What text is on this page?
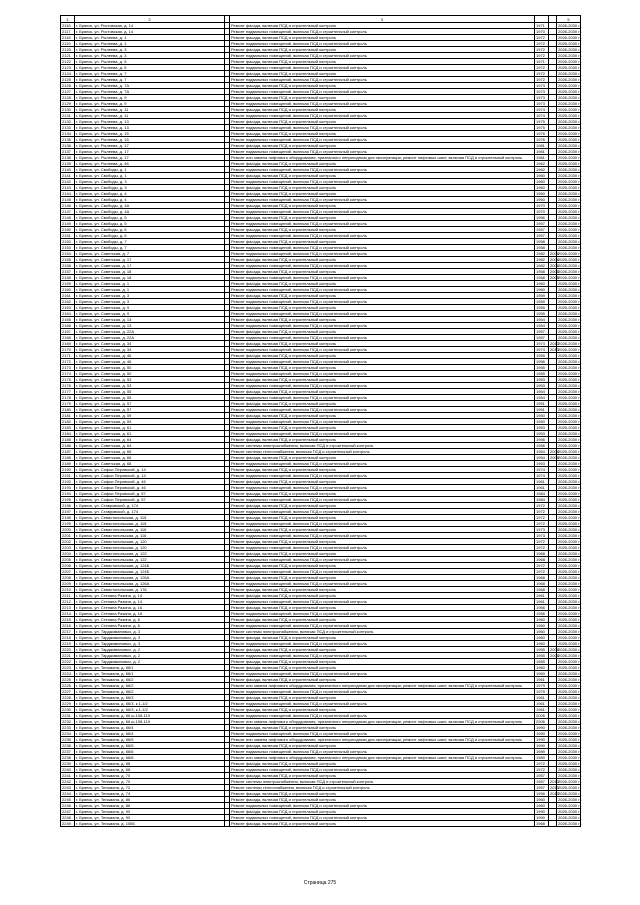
1	2		3			5
2116	г. Брянск, ул. Ростовская, д. 14		Ремонт фасада, включая ПСД и строительный контроль	1971		2026-2030 гг.
2117	г. Брянск, ул. Ростовская, д. 14		Ремонт подвальных помещений, включая ПСД и строительный контроль	1970		2026-2030 гг.
2118	г. Брянск, ул. Рылеева, д. 1		Ремонт фасада, включая ПСД и строительный контроль	1972		2026-2030 гг.
2119	г. Брянск, ул. Рылеева, д. 1		Ремонт подвальных помещений, включая ПСД и строительный контроль	1972		2026-2030 гг.
2120	г. Брянск, ул. Рылеева, д. 3		Ремонт фасада, включая ПСД и строительный контроль	1972		2026-2030 гг.
2121	г. Брянск, ул. Рылеева, д. 3		Ремонт подвальных помещений, включая ПСД и строительный контроль	1972		2026-2030 гг.
2122	г. Брянск, ул. Рылеева, д. 5		Ремонт фасада, включая ПСД и строительный контроль	1971		2026-2030 гг.
2123	г. Брянск, ул. Рылеева, д. 5		Ремонт подвальных помещений, включая ПСД и строительный контроль	1972		2026-2030 гг.
2124	г. Брянск, ул. Рылеева, д. 7		Ремонт фасада, включая ПСД и строительный контроль	1972		2026-2030 гг.
2125	г. Брянск, ул. Рылеева, д. 7		Ремонт подвальных помещений, включая ПСД и строительный контроль	1972		2026-2030 гг.
2126	г. Брянск, ул. Рылеева, д. 7А		Ремонт фасада, включая ПСД и строительный контроль	1973		2026-2030 гг.
2127	г. Брянск, ул. Рылеева, д. 7А		Ремонт подвальных помещений, включая ПСД и строительный контроль	1973		2026-2030 гг.
2128	г. Брянск, ул. Рылеева, д. 9		Ремонт фасада, включая ПСД и строительный контроль	1973		2026-2030 гг.
2129	г. Брянск, ул. Рылеева, д. 9		Ремонт подвальных помещений, включая ПСД и строительный контроль	1973		2026-2030 гг.
2130	г. Брянск, ул. Рылеева, д. 11		Ремонт фасада, включая ПСД и строительный контроль	1974		2026-2030 гг.
2131	г. Брянск, ул. Рылеева, д. 11		Ремонт подвальных помещений, включая ПСД и строительный контроль	1974		2026-2030 гг.
2132	г. Брянск, ул. Рылеева, д. 13		Ремонт фасада, включая ПСД и строительный контроль	1975		2026-2030 гг.
2133	г. Брянск, ул. Рылеева, д. 13		Ремонт подвальных помещений, включая ПСД и строительный контроль	1975		2026-2030 гг.
2134	г. Брянск, ул. Рылеева, д. 15		Ремонт фасада, включая ПСД и строительный контроль	1976		2026-2030 гг.
2135	г. Брянск, ул. Рылеева, д. 15		Ремонт подвальных помещений, включая ПСД и строительный контроль	1976		2026-2030 гг.
2136	г. Брянск, ул. Рылеева, д. 17		Ремонт фасада, включая ПСД и строительный контроль	1981		2026-2030 гг.
2137	г. Брянск, ул. Рылеева, д. 17		Ремонт подвальных помещений, включая ПСД и строительный контроль	1981		2026-2030 гг.
2138	г. Брянск, ул. Рылеева, д. 17		Ремонт или замена лифтового оборудования, признанного непригодным для эксплуатации, ремонт лифтовых шахт, включая ПСД и строительный контроль	1981		2026-2030 гг.
2139	г. Брянск, ул. Рылеева, д. 46		Ремонт фасада, включая ПСД и строительный контроль	1962		2026-2030 гг.
2140	г. Брянск, ул. Свободы, д. 1		Ремонт подвальных помещений, включая ПСД и строительный контроль	1962		2026-2030 гг.
2141	г. Брянск, ул. Свободы, д. 1		Ремонт фасада, включая ПСД и строительный контроль	1960		2026-2030 гг.
2142	г. Брянск, ул. Свободы, д. 3		Ремонт подвальных помещений, включая ПСД и строительный контроль	1960		2026-2030 гг.
2143	г. Брянск, ул. Свободы, д. 3		Ремонт фасада, включая ПСД и строительный контроль	1960		2026-2030 гг.
2144	г. Брянск, ул. Свободы, д. 4		Ремонт фасада, включая ПСД и строительный контроль	1960		2026-2030 гг.
2145	г. Брянск, ул. Свободы, д. 4		Ремонт подвальных помещений, включая ПСД и строительный контроль	1960		2026-2030 гг.
2146	г. Брянск, ул. Свободы, д. 4А		Ремонт фасада, включая ПСД и строительный контроль	1970		2026-2030 гг.
2147	г. Брянск, ул. Свободы, д. 4А		Ремонт подвальных помещений, включая ПСД и строительный контроль	1970		2026-2030 гг.
2148	г. Брянск, ул. Свободы, д. 5		Ремонт фасада, включая ПСД и строительный контроль	1956		2026-2030 гг.
2149	г. Брянск, ул. Свободы, д. 5		Ремонт подвальных помещений, включая ПСД и строительный контроль	1957		2026-2030 гг.
2150	г. Брянск, ул. Свободы, д. 6		Ремонт фасада, включая ПСД и строительный контроль	1957		2026-2030 гг.
2151	г. Брянск, ул. Свободы, д. 6		Ремонт подвальных помещений, включая ПСД и строительный контроль	1957		2026-2030 гг.
2152	г. Брянск, ул. Свободы, д. 7		Ремонт фасада, включая ПСД и строительный контроль	1958		2026-2030 гг.
2153	г. Брянск, ул. Свободы, д. 7		Ремонт подвальных помещений, включая ПСД и строительный контроль	1958		2026-2030 гг.
2154	г. Брянск, ул. Советская, д. 7		Ремонт подвальных помещений, включая ПСД и строительный контроль	1982	2006	2026-2030 гг.
2155	г. Брянск, ул. Советская, д. 17		Ремонт фасада, включая ПСД и строительный контроль	1982	2006	2026-2030 гг.
2156	г. Брянск, ул. Советская, д. 17		Ремонт подвальных помещений, включая ПСД и строительный контроль	1982	2006	2026-2030 гг.
2157	г. Брянск, ул. Советская, д. 18		Ремонт фасада, включая ПСД и строительный контроль	1958	2008	2026-2030 гг.
2158	г. Брянск, ул. Советская, д. 18		Ремонт подвальных помещений, включая ПСД и строительный контроль	1958	2008	2026-2030 гг.
2159	г. Брянск, ул. Советская, д. 1		Ремонт фасада, включая ПСД и строительный контроль	1960		2026-2030 гг.
2160	г. Брянск, ул. Советская, д. 1		Ремонт подвальных помещений, включая ПСД и строительный контроль	1960		2026-2030 гг.
2161	г. Брянск, ул. Советская, д. 3		Ремонт фасада, включая ПСД и строительный контроль	1959		2026-2030 гг.
2162	г. Брянск, ул. Советская, д. 3		Ремонт подвальных помещений, включая ПСД и строительный контроль	1959		2026-2030 гг.
2163	г. Брянск, ул. Советская, д. 9		Ремонт фасада, включая ПСД и строительный контроль	1955		2026-2030 гг.
2164	г. Брянск, ул. Советская, д. 9		Ремонт подвальных помещений, включая ПСД и строительный контроль	1955		2026-2030 гг.
2165	г. Брянск, ул. Советская, д. 13		Ремонт фасада, включая ПСД и строительный контроль	1954		2026-2030 гг.
2166	г. Брянск, ул. Советская, д. 13		Ремонт подвальных помещений, включая ПСД и строительный контроль	1954		2026-2030 гг.
2167	г. Брянск, ул. Советская, д. 22А		Ремонт фасада, включая ПСД и строительный контроль	1957		2026-2030 гг.
2168	г. Брянск, ул. Советская, д. 22А		Ремонт подвальных помещений, включая ПСД и строительный контроль	1957		2026-2030 гг.
2169	г. Брянск, ул. Советская, д. 34		Ремонт фасада, включая ПСД и строительный контроль	1974	2013	2026-2030 гг.
2170	г. Брянск, ул. Советская, д. 34		Ремонт подвальных помещений, включая ПСД и строительный контроль	1974	2013	2026-2030 гг.
2171	г. Брянск, ул. Советская, д. 46		Ремонт фасада, включая ПСД и строительный контроль	1955		2026-2030 гг.
2172	г. Брянск, ул. Советская, д. 46		Ремонт подвальных помещений, включая ПСД и строительный контроль	1956		2026-2030 гг.
2173	г. Брянск, ул. Советская, д. 50		Ремонт фасада, включая ПСД и строительный контроль	1955		2026-2030 гг.
2174	г. Брянск, ул. Советская, д. 50		Ремонт подвальных помещений, включая ПСД и строительный контроль	1955		2026-2030 гг.
2175	г. Брянск, ул. Советская, д. 53		Ремонт фасада, включая ПСД и строительный контроль	1953		2026-2030 гг.
2176	г. Брянск, ул. Советская, д. 53		Ремонт подвальных помещений, включая ПСД и строительный контроль	1953		2026-2030 гг.
2177	г. Брянск, ул. Советская, д. 55		Ремонт фасада, включая ПСД и строительный контроль	1954		2026-2030 гг.
2178	г. Брянск, ул. Советская, д. 55		Ремонт подвальных помещений, включая ПСД и строительный контроль	1954		2026-2030 гг.
2179	г. Брянск, ул. Советская, д. 57		Ремонт фасада, включая ПСД и строительный контроль	1951		2026-2030 гг.
2180	г. Брянск, ул. Советская, д. 57		Ремонт подвальных помещений, включая ПСД и строительный контроль	1951		2026-2030 гг.
2181	г. Брянск, ул. Советская, д. 59		Ремонт фасада, включая ПСД и строительный контроль	1950		2026-2030 гг.
2182	г. Брянск, ул. Советская, д. 59		Ремонт подвальных помещений, включая ПСД и строительный контроль	1950		2026-2030 гг.
2183	г. Брянск, ул. Советская, д. 61		Ремонт фасада, включая ПСД и строительный контроль	1953		2026-2030 гг.
2184	г. Брянск, ул. Советская, д. 61		Ремонт подвальных помещений, включая ПСД и строительный контроль	1953		2026-2030 гг.
2185	г. Брянск, ул. Советская, д. 64		Ремонт фасада, включая ПСД и строительный контроль	1956		2026-2030 гг.
2186	г. Брянск, ул. Советская, д. 64		Ремонт системы электроснабжения, включая ПСД и строительный контроль	1956		2026-2030 гг.
2187	г. Брянск, ул. Советская, д. 66		Ремонт системы теплоснабжения, включая ПСД и строительный контроль	1954	2008	2026-2030 гг.
2188	г. Брянск, ул. Советская, д. 66		Ремонт фасада, включая ПСД и строительный контроль	1954	2008	2026-2030 гг.
2189	г. Брянск, ул. Советская, д. 68		Ремонт подвальных помещений, включая ПСД и строительный контроль	1953		2026-2030 гг.
2190	г. Брянск, ул. Софьи Перовской, д. 14		Ремонт фасада, включая ПСД и строительный контроль	1974		2026-2030 гг.
2191	г. Брянск, ул. Софьи Перовской, д. 14		Ремонт подвальных помещений, включая ПСД и строительный контроль	1974		2026-2030 гг.
2192	г. Брянск, ул. Софьи Перовской, д. 46		Ремонт фасада, включая ПСД и строительный контроль	1961		2026-2030 гг.
2193	г. Брянск, ул. Софьи Перовской, д. 46		Ремонт подвальных помещений, включая ПСД и строительный контроль	1961		2026-2030 гг.
2194	г. Брянск, ул. Софьи Перовской, д. 57		Ремонт фасада, включая ПСД и строительный контроль	1984		2026-2030 гг.
2195	г. Брянск, ул. Софьи Перовской, д. 57		Ремонт подвальных помещений, включая ПСД и строительный контроль	1984		2026-2030 гг.
2196	г. Брянск, ул. Ставровской, д. 174		Ремонт фасада, включая ПСД и строительный контроль	1972		2026-2030 гг.
2197	г. Брянск, ул. Ставровской, д. 174		Ремонт подвальных помещений, включая ПСД и строительный контроль	1972		2026-2030 гг.
2198	г. Брянск, ул. Севастопольская, д. 115		Ремонт фасада, включая ПСД и строительный контроль	1972		2026-2030 гг.
2199	г. Брянск, ул. Севастопольская, д. 115		Ремонт подвальных помещений, включая ПСД и строительный контроль	1972		2026-2030 гг.
2200	г. Брянск, ул. Севастопольская, д. 116		Ремонт фасада, включая ПСД и строительный контроль	1973		2026-2030 гг.
2201	г. Брянск, ул. Севастопольская, д. 116		Ремонт подвальных помещений, включая ПСД и строительный контроль	1973		2026-2030 гг.
2202	г. Брянск, ул. Севастопольская, д. 120		Ремонт фасада, включая ПСД и строительный контроль	1972		2026-2030 гг.
2203	г. Брянск, ул. Севастопольская, д. 120		Ремонт подвальных помещений, включая ПСД и строительный контроль	1972		2026-2030 гг.
2204	г. Брянск, ул. Севастопольская, д. 122		Ремонт фасада, включая ПСД и строительный контроль	1968		2026-2030 гг.
2205	г. Брянск, ул. Севастопольская, д. 122		Ремонт подвальных помещений, включая ПСД и строительный контроль	1968		2026-2030 гг.
2206	г. Брянск, ул. Севастопольская, д. 124Б		Ремонт фасада, включая ПСД и строительный контроль	1972		2026-2030 гг.
2207	г. Брянск, ул. Севастопольская, д. 124Б		Ремонт подвальных помещений, включая ПСД и строительный контроль	1972		2026-2030 гг.
2208	г. Брянск, ул. Севастопольская, д. 126А		Ремонт фасада, включая ПСД и строительный контроль	1968		2026-2030 гг.
2209	г. Брянск, ул. Севастопольская, д. 126А		Ремонт подвальных помещений, включая ПСД и строительный контроль	1968		2026-2030 гг.
2210	г. Брянск, ул. Севастопольская, д. 176		Ремонт фасада, включая ПСД и строительный контроль	1968		2026-2030 гг.
2211	г. Брянск, ул. Степана Разина, д. 14		Ремонт фасада, включая ПСД и строительный контроль	1961		2026-2030 гг.
2212	г. Брянск, ул. Степана Разина, д. 14		Ремонт подвальных помещений, включая ПСД и строительный контроль	1961		2026-2030 гг.
2213	г. Брянск, ул. Степана Разина, д. 16		Ремонт фасада, включая ПСД и строительный контроль	1956		2026-2030 гг.
2214	г. Брянск, ул. Степана Разина, д. 16		Ремонт подвальных помещений, включая ПСД и строительный контроль	1956		2026-2030 гг.
2215	г. Брянск, ул. Степана Разина, д. 8		Ремонт фасада, включая ПСД и строительный контроль	1960		2026-2030 гг.
2216	г. Брянск, ул. Степана Разина, д. 8		Ремонт подвальных помещений, включая ПСД и строительный контроль	1960		2026-2030 гг.
2217	г. Брянск, ул. Тарджимановых, д. 3		Ремонт системы электроснабжения, включая ПСД и строительный контроль	1960		2026-2030 гг.
2218	г. Брянск, ул. Тарджимановых, д. 3		Ремонт фасада, включая ПСД и строительный контроль	1960		2026-2030 гг.
2219	г. Брянск, ул. Тарджимановых, д. 3		Ремонт подвальных помещений, включая ПСД и строительный контроль	1960		2026-2030 гг.
2220	г. Брянск, ул. Тарджимановых, д. 2		Ремонт фасада, включая ПСД и строительный контроль	1955	2008	2026-2030 гг.
2221	г. Брянск, ул. Тарджимановых, д. 2		Ремонт подвальных помещений, включая ПСД и строительный контроль	1955	2008	2026-2030 гг.
2222	г. Брянск, ул. Тарджимановых, д. 2		Ремонт фасада, включая ПСД и строительный контроль	1955		2026-2030 гг.
2223	г. Брянск, ул. Тельмана, д. 66/1		Ремонт фасада, включая ПСД и строительный контроль	1960		2026-2030 гг.
2224	г. Брянск, ул. Тельмана, д. 66/1		Ремонт подвальных помещений, включая ПСД и строительный контроль	1960		2026-2030 гг.
2225	г. Брянск, ул. Тельмана, д. 66/2		Ремонт фасада, включая ПСД и строительный контроль	1961		2026-2030 гг.
2226	г. Брянск, ул. Тельмана, д. 66/2		Ремонт или замена лифтового оборудования, признанного непригодным для эксплуатации, ремонт лифтовых шахт, включая ПСД и строительный контроль	1979		2026-2030 гг.
2227	г. Брянск, ул. Тельмана, д. 66/2		Ремонт подвальных помещений, включая ПСД и строительный контроль	1979		2026-2030 гг.
2228	г. Брянск, ул. Тельмана, д. 66/3		Ремонт фасада, включая ПСД и строительный контроль	1961		2026-2030 гг.
2229	г. Брянск, ул. Тельмана, д. 66/3, к.1-1/2		Ремонт подвальных помещений, включая ПСД и строительный контроль	1961		2026-2030 гг.
2230	г. Брянск, ул. Тельмана, д. 66/3, к.1-1/2		Ремонт фасада, включая ПСД и строительный контроль	1961		2026-2030 гг.
2231	г. Брянск, ул. Тельмана, д. 66 ш.108-119		Ремонт подвальных помещений, включая ПСД и строительный контроль	2006		2026-2030 гг.
2232	г. Брянск, ул. Тельмана, д. 66 ш.108-119		Ремонт или замена лифтового оборудования, признанного непригодным для эксплуатации, ремонт лифтовых шахт, включая ПСД и строительный контроль	2006		2026-2030 гг.
2233	г. Брянск, ул. Тельмана, д. 66/4		Ремонт фасада, включая ПСД и строительный контроль	1990		2026-2030 гг.
2234	г. Брянск, ул. Тельмана, д. 66/4		Ремонт подвальных помещений, включая ПСД и строительный контроль	1990		2026-2030 гг.
2235	г. Брянск, ул. Тельмана, д. 66/5		Ремонт или замена лифтового оборудования, признанного непригодным для эксплуатации, ремонт лифтовых шахт, включая ПСД и строительный контроль	1990		2026-2030 гг.
2236	г. Брянск, ул. Тельмана, д. 66/5		Ремонт фасада, включая ПСД и строительный контроль	1990		2026-2030 гг.
2237	г. Брянск, ул. Тельмана, д. 66/6		Ремонт подвальных помещений, включая ПСД и строительный контроль	1989		2026-2030 гг.
2238	г. Брянск, ул. Тельмана, д. 66/6		Ремонт или замена лифтового оборудования, признанного непригодным для эксплуатации, ремонт лифтовых шахт, включая ПСД и строительный контроль	1989		2026-2030 гг.
2239	г. Брянск, ул. Тельмана, д. 68		Ремонт фасада, включая ПСД и строительный контроль	1972		2026-2030 гг.
2240	г. Брянск, ул. Тельмана, д. 68		Ремонт подвальных помещений, включая ПСД и строительный контроль	1972		2026-2030 гг.
2241	г. Брянск, ул. Тельмана, д. 70		Ремонт фасада, включая ПСД и строительный контроль	1957		2026-2030 гг.
2242	г. Брянск, ул. Тельмана, д. 70		Ремонт системы электроснабжения, включая ПСД и строительный контроль	1957	2013	2026-2030 гг.
2243	г. Брянск, ул. Тельмана, д. 72		Ремонт системы теплоснабжения, включая ПСД и строительный контроль	1957	2013	2026-2030 гг.
2244	г. Брянск, ул. Тельмана, д. 74		Ремонт фасада, включая ПСД и строительный контроль	1956	2013	2026-2030 гг.
2245	г. Брянск, ул. Тельмана, д. 86		Ремонт фасада, включая ПСД и строительный контроль	1960		2026-2030 гг.
2246	г. Брянск, ул. Тельмана, д. 86		Ремонт подвальных помещений, включая ПСД и строительный контроль	1960		2026-2030 гг.
2247	г. Брянск, ул. Тельмана, д. 90		Ремонт фасада, включая ПСД и строительный контроль	1990		2026-2030 гг.
2248	г. Брянск, ул. Тельмана, д. 90		Ремонт подвальных помещений, включая ПСД и строительный контроль	1990		2026-2030 гг.
2249	г. Брянск, ул. Тельмана, д. 106Б		Ремонт фасада, включая ПСД и строительный контроль	1968		2026-2030 гг.
Страница 275
